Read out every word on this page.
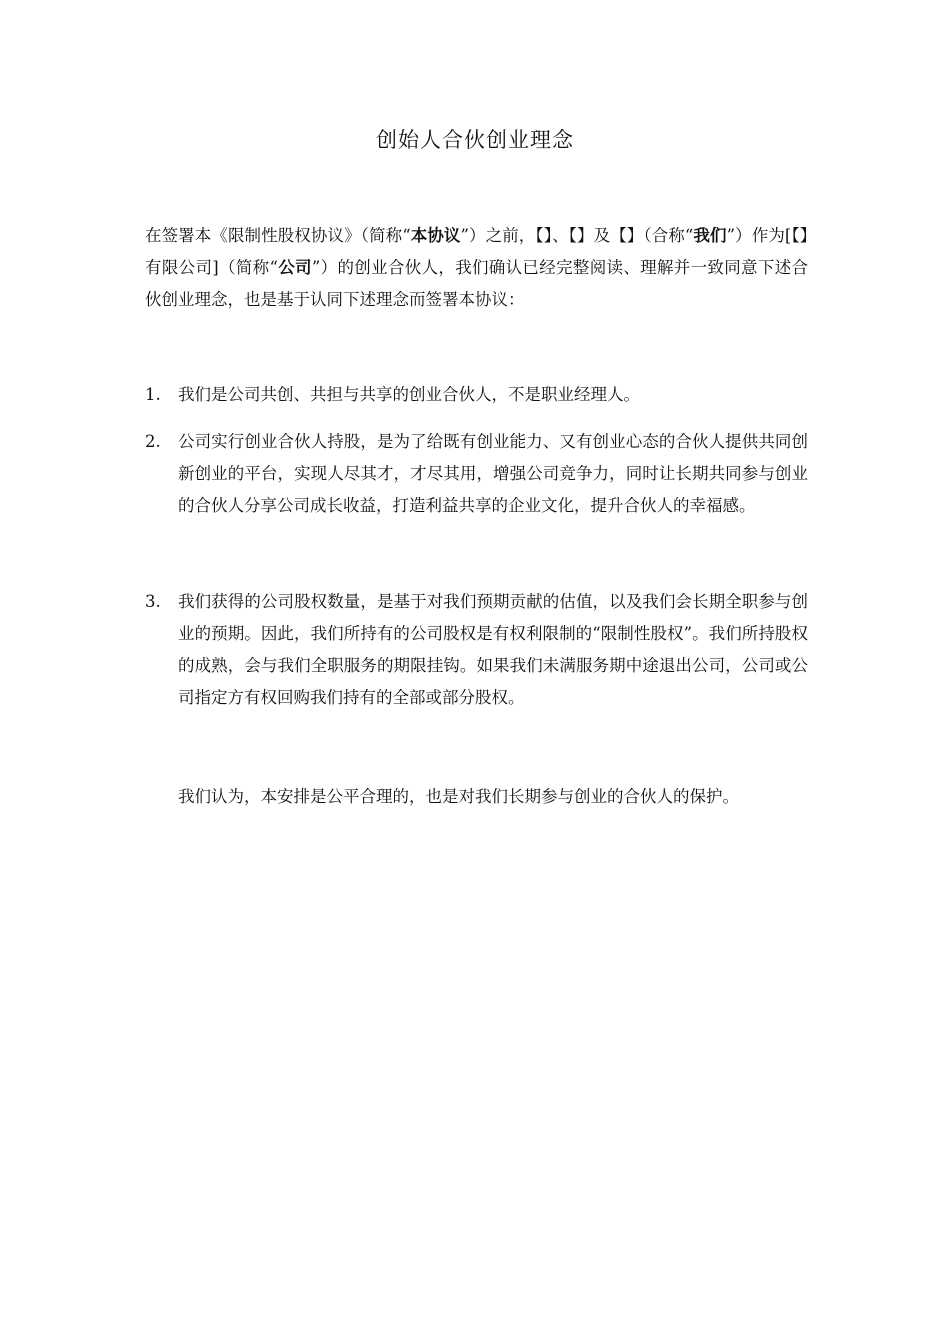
创始人合伙创业理念
在签署本《限制性股权协议》（简称“本协议”）之前，【】、【】及【】（合称“我们”）作为[【】有限公司]（简称“公司”）的创业合伙人，我们确认已经完整阅读、理解并一致同意下述合伙创业理念，也是基于认同下述理念而签署本协议：
1.	我们是公司共创、共担与共享的创业合伙人，不是职业经理人。
2.	公司实行创业合伙人持股，是为了给既有创业能力、又有创业心态的合伙人提供共同创新创业的平台，实现人尽其才，才尽其用，增强公司竞争力，同时让长期共同参与创业的合伙人分享公司成长收益，打造利益共享的企业文化，提升合伙人的幸福感。
3.	我们获得的公司股权数量，是基于对我们预期贡献的估值，以及我们会长期全职参与创业的预期。因此，我们所持有的公司股权是有权利限制的“限制性股权”。我们所持股权的成熟，会与我们全职服务的期限挂钩。如果我们未满服务期中途退出公司，公司或公司指定方有权回购我们持有的全部或部分股权。
我们认为，本安排是公平合理的，也是对我们长期参与创业的合伙人的保护。
